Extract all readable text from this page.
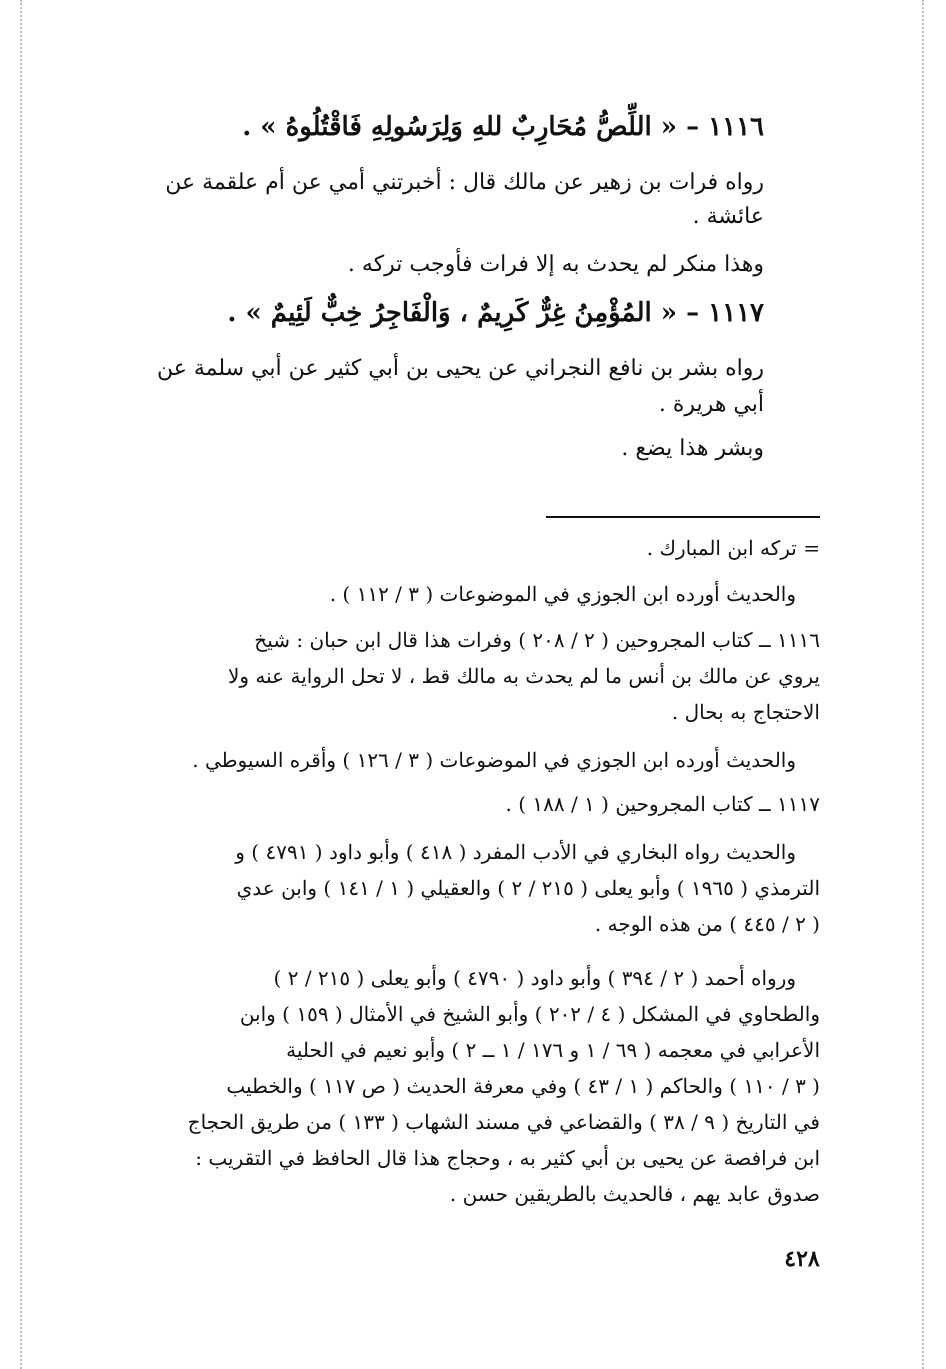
١١١٦ – « اللِّصُّ مُحَارِبٌ للهِ وَلِرَسُولِهِ فَاقْتُلُوهُ » .
رواه فرات بن زهير عن مالك قال : أخبرتني أمي عن أم علقمة عن
عائشة .
وهذا منكر لم يحدث به إلا فرات فأوجب تركه .
١١١٧ – « المُؤْمِنُ غِرٌّ كَرِيمٌ ، وَالْفَاجِرُ خِبٌّ لَئِيمٌ » .
رواه بشر بن نافع النجراني عن يحيى بن أبي كثير عن أبي سلمة عن
أبي هريرة .
وبشر هذا يضع .
= تركه ابن المبارك .
والحديث أورده ابن الجوزي في الموضوعات ( ٣ / ١١٢ ) .
١١١٦ ــ كتاب المجروحين ( ٢ / ٢٠٨ ) وفرات هذا قال ابن حبان : شيخ
يروي عن مالك بن أنس ما لم يحدث به مالك قط ، لا تحل الرواية عنه ولا
الاحتجاج به بحال .
والحديث أورده ابن الجوزي في الموضوعات ( ٣ / ١٢٦ ) وأقره السيوطي .
١١١٧ ــ كتاب المجروحين ( ١ / ١٨٨ ) .
والحديث رواه البخاري في الأدب المفرد ( ٤١٨ ) وأبو داود ( ٤٧٩١ ) و
الترمذي ( ١٩٦٥ ) وأبو يعلى ( ٢١٥ / ٢ ) والعقيلي ( ١ / ١٤١ ) وابن عدي
( ٢ / ٤٤٥ ) من هذه الوجه .
ورواه أحمد ( ٢ / ٣٩٤ ) وأبو داود ( ٤٧٩٠ ) وأبو يعلى ( ٢١٥ / ٢ )
والطحاوي في المشكل ( ٤ / ٢٠٢ ) وأبو الشيخ في الأمثال ( ١٥٩ ) وابن
الأعرابي في معجمه ( ٦٩ / ١ و ١٧٦ / ١ ــ ٢ ) وأبو نعيم في الحلية
( ٣ / ١١٠ ) والحاكم ( ١ / ٤٣ ) وفي معرفة الحديث ( ص ١١٧ ) والخطيب
في التاريخ ( ٩ / ٣٨ ) والقضاعي في مسند الشهاب ( ١٣٣ ) من طريق الحجاج
ابن فرافصة عن يحيى بن أبي كثير به ، وحجاج هذا قال الحافظ في التقريب :
صدوق عابد يهم ، فالحديث بالطريقين حسن .
٤٢٨
